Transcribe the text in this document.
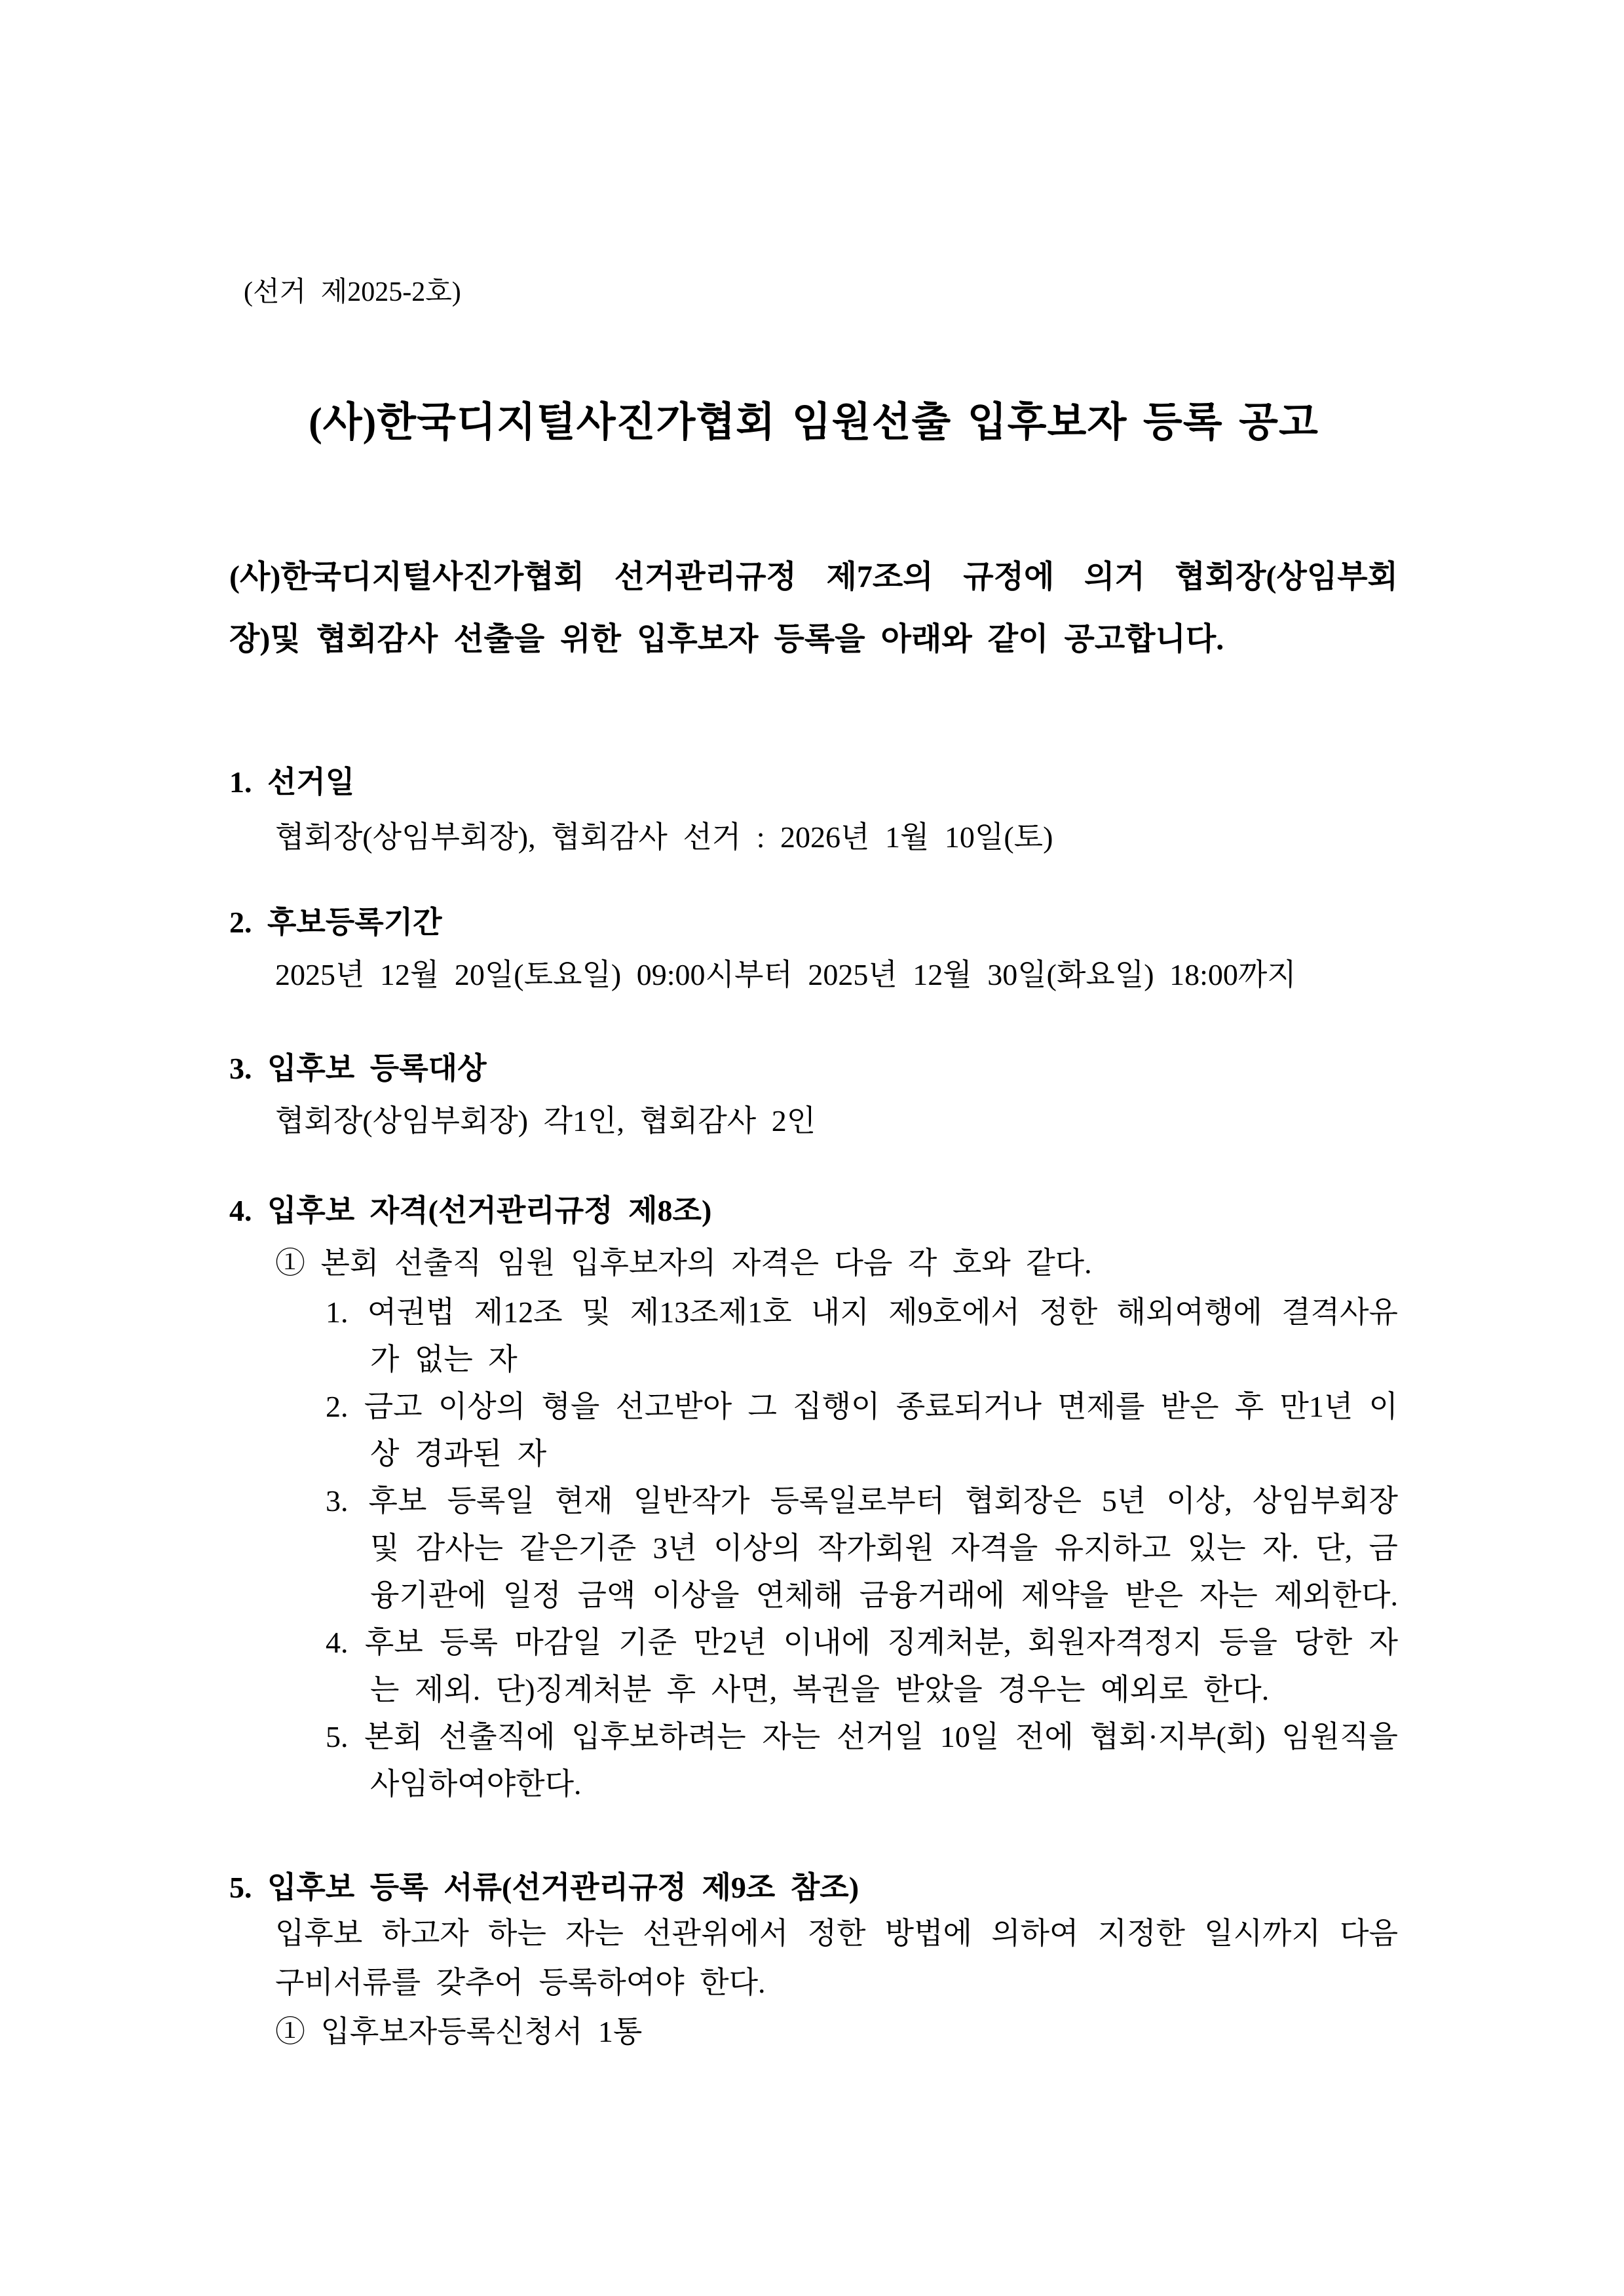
(선거 제2025-2호)
(사)한국디지털사진가협회 임원선출 입후보자 등록 공고
(사)한국디지털사진가협회 선거관리규정 제7조의 규정에 의거 협회장(상임부회
장)및 협회감사 선출을 위한 입후보자 등록을 아래와 같이 공고합니다.
1. 선거일
협회장(상임부회장), 협회감사 선거 : 2026년 1월 10일(토)
2. 후보등록기간
2025년 12월 20일(토요일) 09:00시부터 2025년 12월 30일(화요일) 18:00까지
3. 입후보 등록대상
협회장(상임부회장) 각1인, 협회감사 2인
4. 입후보 자격(선거관리규정 제8조)
① 본회 선출직 임원 입후보자의 자격은 다음 각 호와 같다.
1. 여권법 제12조 및 제13조제1호 내지 제9호에서 정한 해외여행에 결격사유
가 없는 자
2. 금고 이상의 형을 선고받아 그 집행이 종료되거나 면제를 받은 후 만1년 이
상 경과된 자
3. 후보 등록일 현재 일반작가 등록일로부터 협회장은 5년 이상, 상임부회장
및 감사는 같은기준 3년 이상의 작가회원 자격을 유지하고 있는 자. 단, 금
융기관에 일정 금액 이상을 연체해 금융거래에 제약을 받은 자는 제외한다.
4. 후보 등록 마감일 기준 만2년 이내에 징계처분, 회원자격정지 등을 당한 자
는 제외. 단)징계처분 후 사면, 복권을 받았을 경우는 예외로 한다.
5. 본회 선출직에 입후보하려는 자는 선거일 10일 전에 협회·지부(회) 임원직을
사임하여야한다.
5. 입후보 등록 서류(선거관리규정 제9조 참조)
입후보 하고자 하는 자는 선관위에서 정한 방법에 의하여 지정한 일시까지 다음
구비서류를 갖추어 등록하여야 한다.
① 입후보자등록신청서 1통
